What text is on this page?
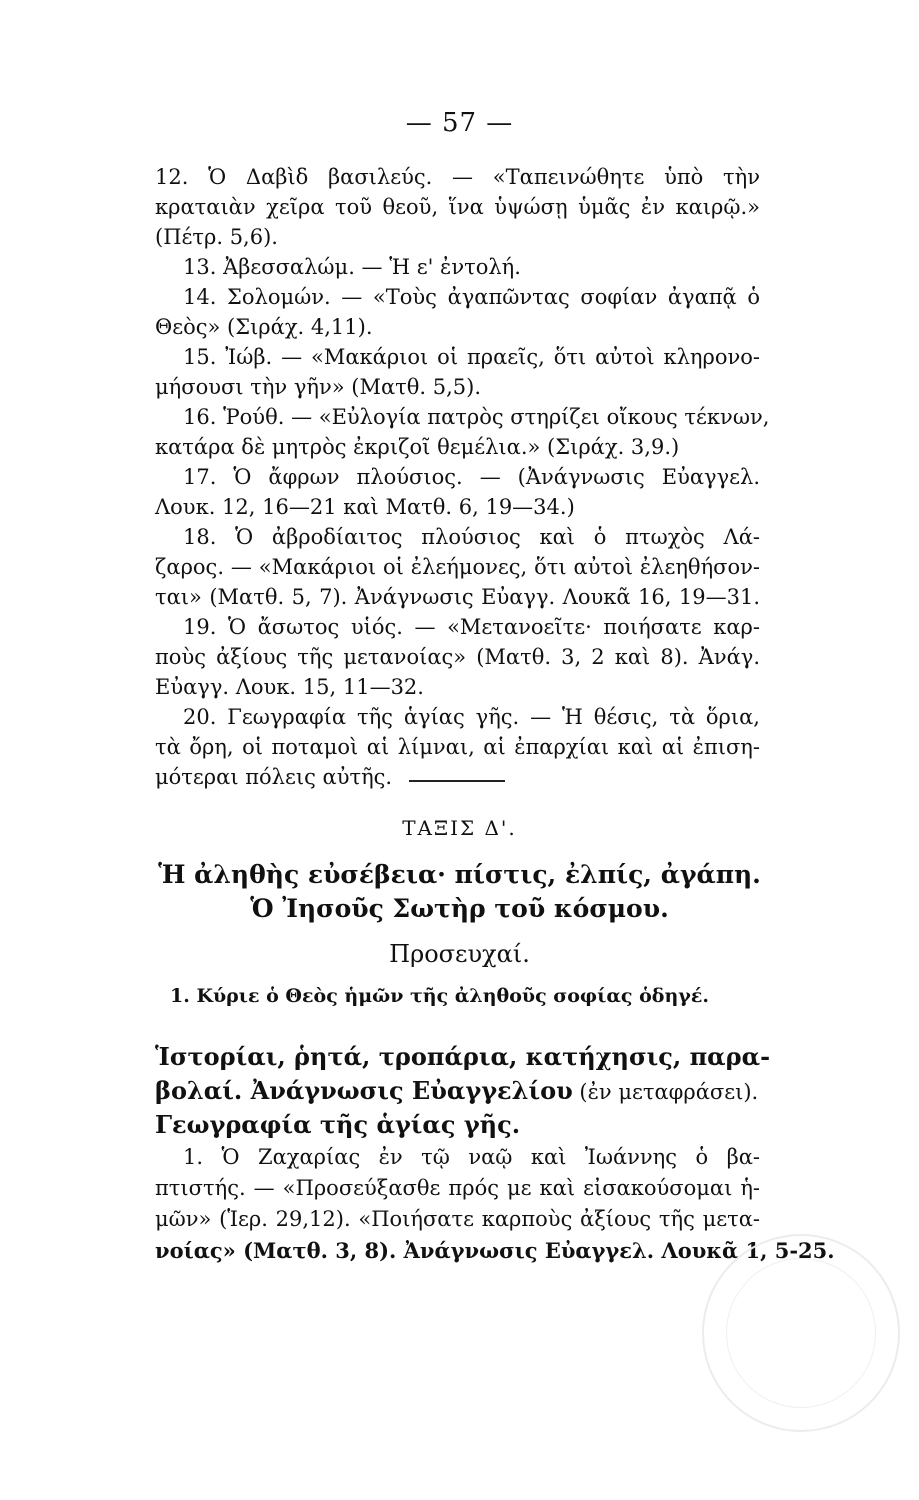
— 57 —
12. Ὁ Δαβὶδ βασιλεύς. — «Ταπεινώθητε ὑπὸ τὴν
κραταιὰν χεῖρα τοῦ θεοῦ, ἵνα ὑψώσῃ ὑμᾶς ἐν καιρῷ.»
(Πέτρ. 5,6).
13. Ἀβεσσαλώμ. — Ἡ ε' ἐντολή.
14. Σολομών. — «Τοὺς ἀγαπῶντας σοφίαν ἀγαπᾷ ὁ
Θεὸς» (Σιράχ. 4,11).
15. Ἰώβ. — «Μακάριοι οἱ πραεῖς, ὅτι αὐτοὶ κληρονο-
μήσουσι τὴν γῆν» (Ματθ. 5,5).
16. Ῥούθ. — «Εὐλογία πατρὸς στηρίζει οἴκους τέκνων,
κατάρα δὲ μητρὸς ἐκριζοῖ θεμέλια.» (Σιράχ. 3,9.)
17. Ὁ ἄφρων πλούσιος. — (Ἀνάγνωσις Εὐαγγελ.
Λουκ. 12, 16—21 καὶ Ματθ. 6, 19—34.)
18. Ὁ ἀβροδίαιτος πλούσιος καὶ ὁ πτωχὸς Λά-
ζαρος. — «Μακάριοι οἱ ἐλεήμονες, ὅτι αὐτοὶ ἐλεηθήσον-
ται» (Ματθ. 5, 7). Ἀνάγνωσις Εὐαγγ. Λουκᾶ 16, 19—31.
19. Ὁ ἄσωτος υἱός. — «Μετανοεῖτε· ποιήσατε καρ-
ποὺς ἀξίους τῆς μετανοίας» (Ματθ. 3, 2 καὶ 8). Ἀνάγ.
Εὐαγγ. Λουκ. 15, 11—32.
20. Γεωγραφία τῆς ἁγίας γῆς. — Ἡ θέσις, τὰ ὅρια,
τὰ ὄρη, οἱ ποταμοὶ αἱ λίμναι, αἱ ἐπαρχίαι καὶ αἱ ἐπιση-
μότεραι πόλεις αὐτῆς.
ΤΑΞΙΣ Δ'.
Ἡ ἀληθὴς εὐσέβεια· πίστις, ἐλπίς, ἀγάπη.
Ὁ Ἰησοῦς Σωτὴρ τοῦ κόσμου.
Προσευχαί.
1. Κύριε ὁ Θεὸς ἡμῶν τῆς ἀληθοῦς σοφίας ὁδηγέ.
Ἱστορίαι, ῥητά, τροπάρια, κατήχησις, παρα-
βολαί. Ἀνάγνωσις Εὐαγγελίου (ἐν μεταφράσει).
Γεωγραφία τῆς ἁγίας γῆς.
1. Ὁ Ζαχαρίας ἐν τῷ ναῷ καὶ Ἰωάννης ὁ βα-
πτιστής. — «Προσεύξασθε πρός με καὶ εἰσακούσομαι ἡ-
μῶν» (Ἱερ. 29,12). «Ποιήσατε καρποὺς ἀξίους τῆς μετα-
νοίας» (Ματθ. 3, 8). Ἀνάγνωσις Εὐαγγελ. Λουκᾶ 1, 5-25.
